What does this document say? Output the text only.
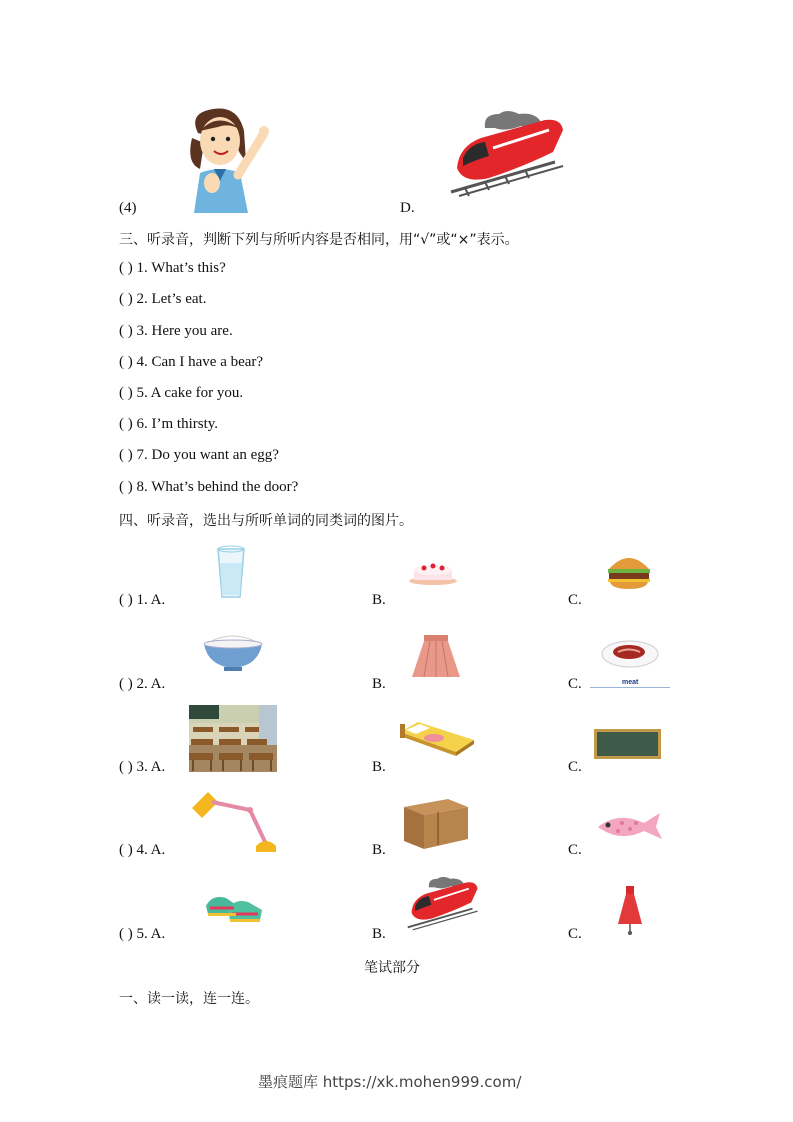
(4)	D.
三、听录音，判断下列与所听内容是否相同，用“√”或“×”表示。
( ) 1. What’s this?
( ) 2. Let’s eat.
( ) 3. Here you are.
( ) 4. Can I have a bear?
( ) 5. A cake for you.
( ) 6. I’m thirsty.
( ) 7. Do you want an egg?
( ) 8. What’s behind the door?
四、听录音，选出与所听单词的同类词的图片。
( ) 1. A.	B.	C.
( ) 2. A.	B.	C.	meat
( ) 3. A.	B.	C.
( ) 4. A.	B.	C.
( ) 5. A.	B.	C.
笔试部分
一、读一读，连一连。
墨痕题库 https://xk.mohen999.com/
